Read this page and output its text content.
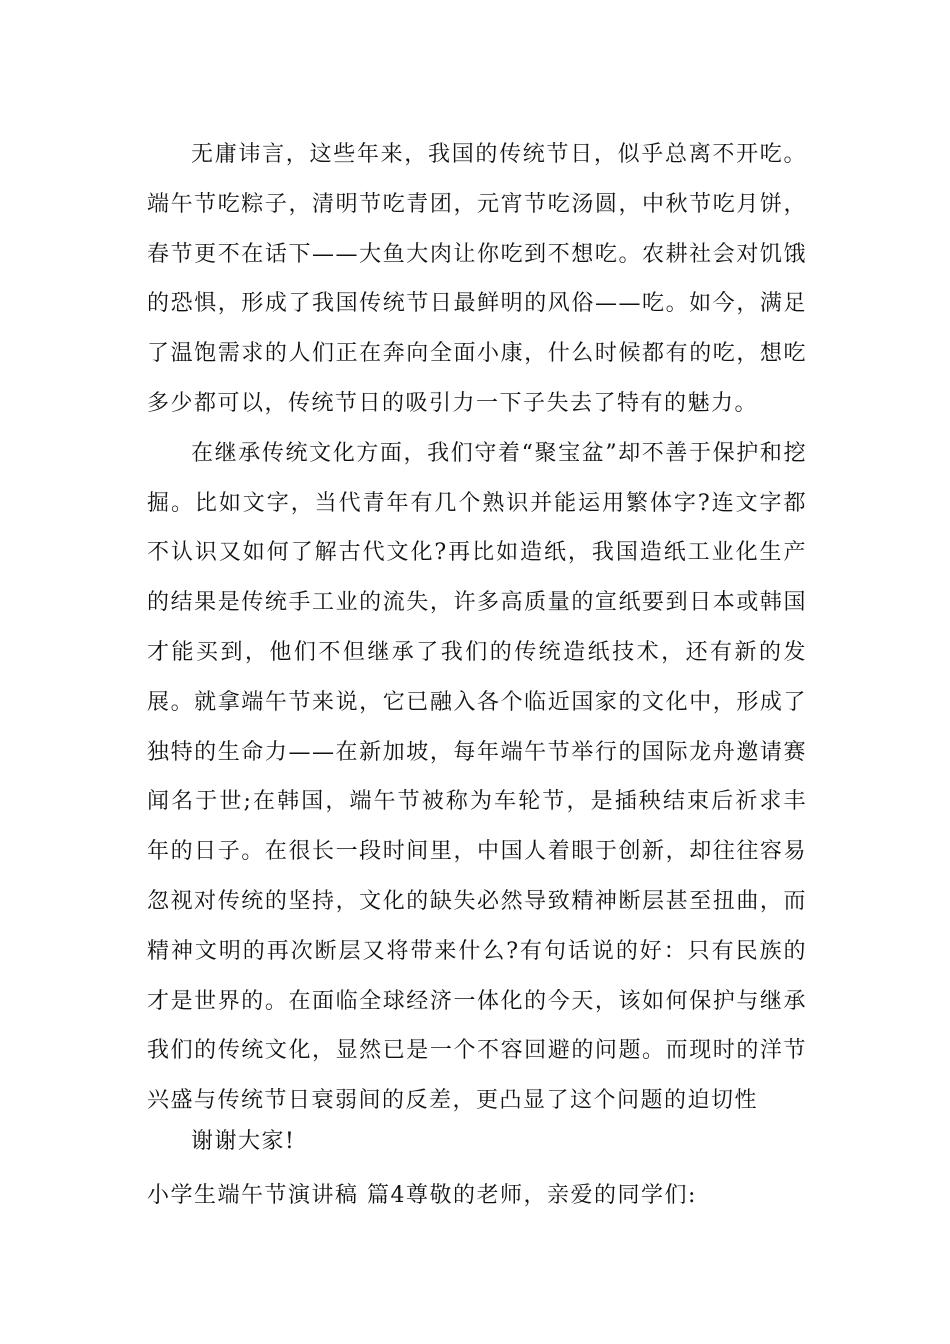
无庸讳言，这些年来，我国的传统节日，似乎总离不开吃。端午节吃粽子，清明节吃青团，元宵节吃汤圆，中秋节吃月饼，春节更不在话下——大鱼大肉让你吃到不想吃。农耕社会对饥饿的恐惧，形成了我国传统节日最鲜明的风俗——吃。如今，满足了温饱需求的人们正在奔向全面小康，什么时候都有的吃，想吃多少都可以，传统节日的吸引力一下子失去了特有的魅力。

在继承传统文化方面，我们守着“聚宝盆”却不善于保护和挖掘。比如文字，当代青年有几个熟识并能运用繁体字?连文字都不认识又如何了解古代文化?再比如造纸，我国造纸工业化生产的结果是传统手工业的流失，许多高质量的宣纸要到日本或韩国才能买到，他们不但继承了我们的传统造纸技术，还有新的发展。就拿端午节来说，它已融入各个临近国家的文化中，形成了独特的生命力——在新加坡，每年端午节举行的国际龙舟邀请赛闻名于世;在韩国，端午节被称为车轮节，是插秧结束后祈求丰年的日子。在很长一段时间里，中国人着眼于创新，却往往容易忽视对传统的坚持，文化的缺失必然导致精神断层甚至扭曲，而精神文明的再次断层又将带来什么?有句话说的好：只有民族的才是世界的。在面临全球经济一体化的今天，该如何保护与继承我们的传统文化，显然已是一个不容回避的问题。而现时的洋节兴盛与传统节日衰弱间的反差，更凸显了这个问题的迫切性

谢谢大家!

小学生端午节演讲稿 篇4尊敬的老师，亲爱的同学们:
